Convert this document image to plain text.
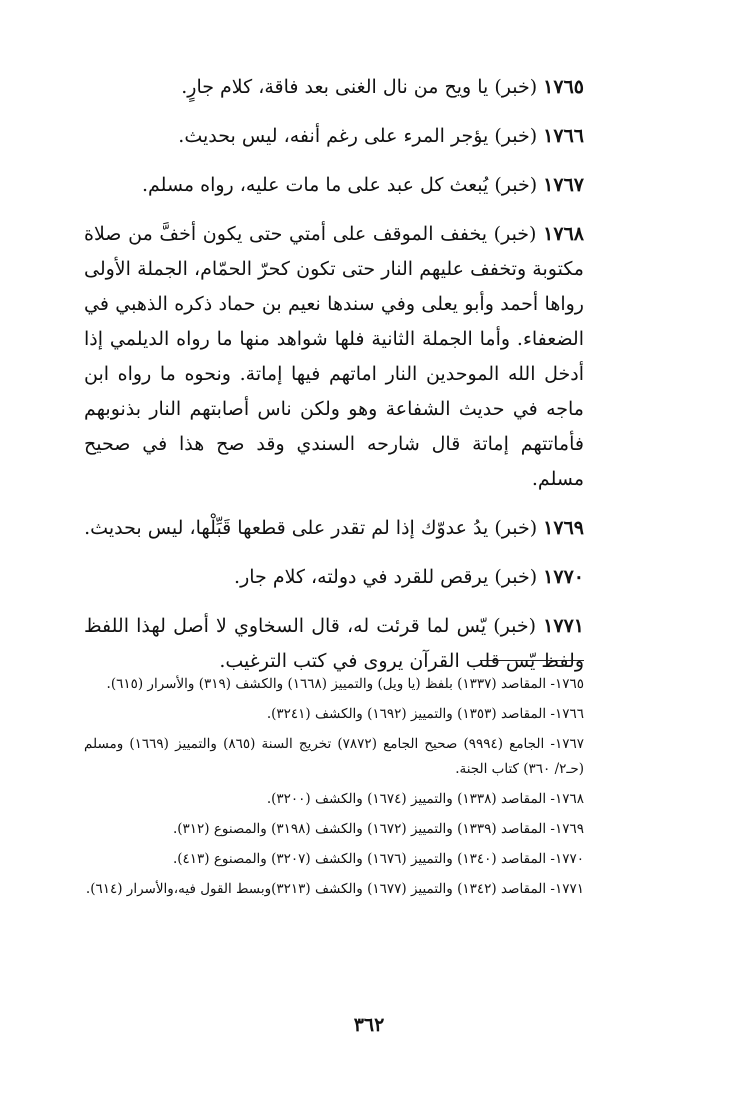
١٧٦٥ (خبر) يا ويح من نال الغنى بعد فاقة، كلام جارٍ.

١٧٦٦ (خبر) يؤجر المرء على رغم أنفه، ليس بحديث.

١٧٦٧ (خبر) يُبعث كل عبد على ما مات عليه، رواه مسلم.

١٧٦٨ (خبر) يخفف الموقف على أمتي حتى يكون أخفَّ من صلاة مكتوبة وتخفف عليهم النار حتى تكون كحرّ الحمّام، الجملة الأولى رواها أحمد وأبو يعلى وفي سندها نعيم بن حماد ذكره الذهبي في الضعفاء. وأما الجملة الثانية فلها شواهد منها ما رواه الديلمي إذا أدخل الله الموحدين النار اماتهم فيها إماتة. ونحوه ما رواه ابن ماجه في حديث الشفاعة وهو ولكن ناس أصابتهم النار بذنوبهم فأماتتهم إماتة قال شارحه السندي وقد صح هذا في صحيح مسلم.

١٧٦٩ (خبر) يدُ عدوّك إذا لم تقدر على قطعها قَبِّلْها، ليس بحديث.

١٧٧٠ (خبر) يرقص للقرد في دولته، كلام جار.

١٧٧١ (خبر) يّس لما قرئت له، قال السخاوي لا أصل لهذا اللفظ ولفظ يّس قلب القرآن يروى في كتب الترغيب.

١٧٦٥- المقاصد (١٣٣٧) بلفظ (يا ويل) والتمييز (١٦٦٨) والكشف (٣١٩) والأسرار (٦١٥).

١٧٦٦- المقاصد (١٣٥٣) والتمييز (١٦٩٢) والكشف (٣٢٤١).

١٧٦٧- الجامع (٩٩٩٤) صحيح الجامع (٧٨٧٢) تخريج السنة (٨٦٥) والتمييز (١٦٦٩) ومسلم (حـ٢/ ٣٦٠) كتاب الجنة.

١٧٦٨- المقاصد (١٣٣٨) والتمييز (١٦٧٤) والكشف (٣٢٠٠).

١٧٦٩- المقاصد (١٣٣٩) والتمييز (١٦٧٢) والكشف (٣١٩٨) والمصنوع (٣١٢).

١٧٧٠- المقاصد (١٣٤٠) والتمييز (١٦٧٦) والكشف (٣٢٠٧) والمصنوع (٤١٣).

١٧٧١- المقاصد (١٣٤٢) والتمييز (١٦٧٧) والكشف (٣٢١٣)وبسط القول فيه،والأسرار (٦١٤).

٣٦٢
